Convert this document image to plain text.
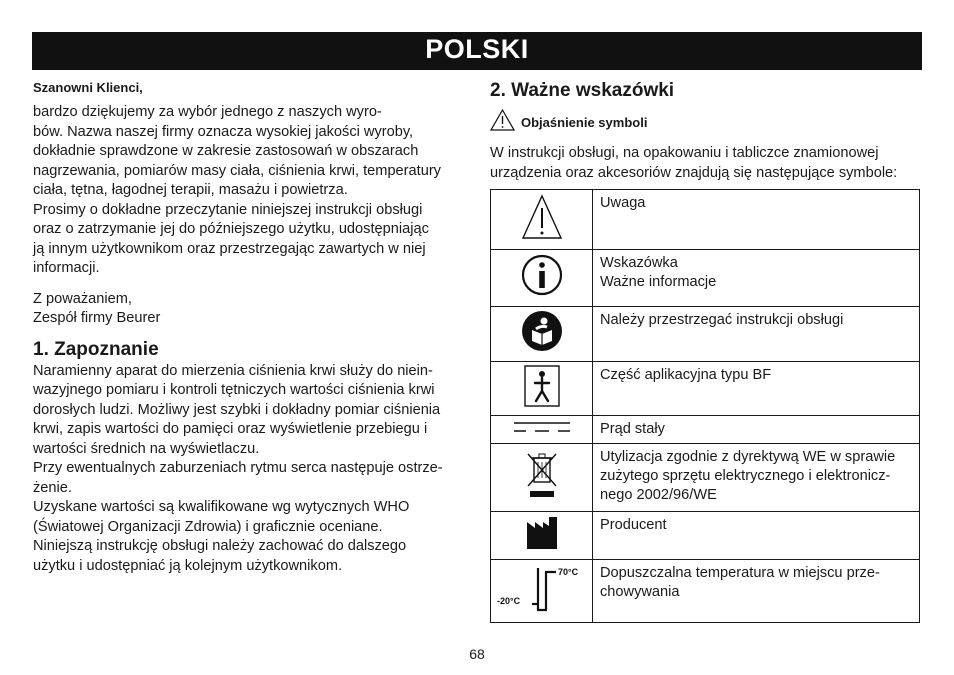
POLSKI

Szanowni Klienci,

bardzo dziękujemy za wybór jednego z naszych wyro-
bów. Nazwa naszej firmy oznacza wysokiej jakości wyroby,
dokładnie sprawdzone w zakresie zastosowań w obszarach
nagrzewania, pomiarów masy ciała, ciśnienia krwi, temperatury
ciała, tętna, łagodnej terapii, masażu i powietrza.
Prosimy o dokładne przeczytanie niniejszej instrukcji obsługi
oraz o zatrzymanie jej do późniejszego użytku, udostępniając
ją innym użytkownikom oraz przestrzegając zawartych w niej
informacji.

Z poważaniem,
Zespół firmy Beurer

1. Zapoznanie

Naramienny aparat do mierzenia ciśnienia krwi służy do niein-
wazyjnego pomiaru i kontroli tętniczych wartości ciśnienia krwi
dorosłych ludzi. Możliwy jest szybki i dokładny pomiar ciśnienia
krwi, zapis wartości do pamięci oraz wyświetlenie przebiegu i
wartości średnich na wyświetlaczu.
Przy ewentualnych zaburzeniach rytmu serca następuje ostrze-
żenie.
Uzyskane wartości są kwalifikowane wg wytycznych WHO
(Światowej Organizacji Zdrowia) i graficznie oceniane.
Niniejszą instrukcję obsługi należy zachować do dalszego
użytku i udostępniać ją kolejnym użytkownikom.

2. Ważne wskazówki
Objaśnienie symboli

W instrukcji obsługi, na opakowaniu i tabliczce znamionowej
urządzenia oraz akcesoriów znajdują się następujące symbole:

	Uwaga
	Wskazówka
Ważne informacje
	Należy przestrzegać instrukcji obsługi
	Część aplikacyjna typu BF
	Prąd stały
	Utylizacja zgodnie z dyrektywą WE w sprawie
zużytego sprzętu elektrycznego i elektronicz-
nego 2002/96/WE
	Producent

70°C
-20°C	Dopuszczalna temperatura w miejscu prze-
chowywania
68
